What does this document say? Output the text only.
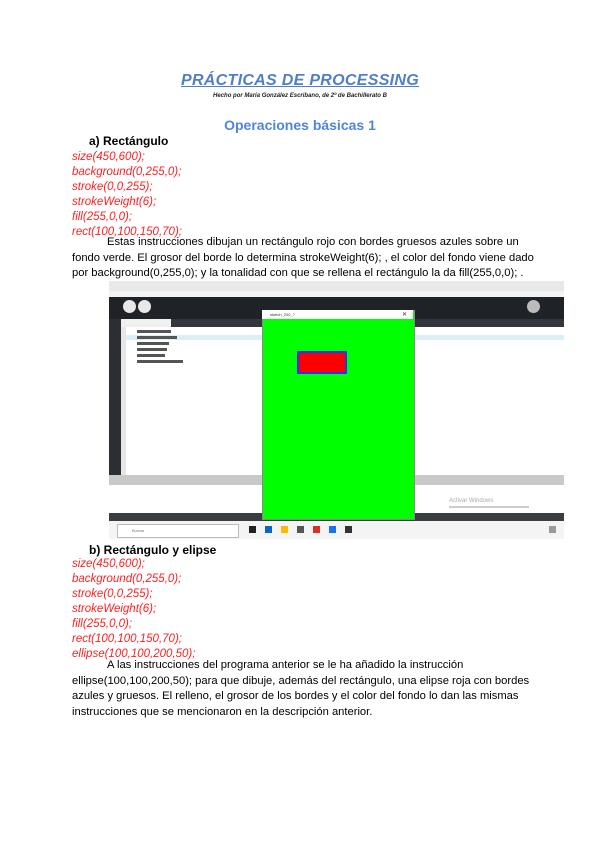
PRÁCTICAS DE PROCESSING
Hecho por María González Escribano, de 2º de Bachillerato B
Operaciones básicas 1
a) Rectángulo
size(450,600);
background(0,255,0);
stroke(0,0,255);
strokeWeight(6);
fill(255,0,0);
rect(100,100,150,70);
Estas instrucciones dibujan un rectángulo rojo con bordes gruesos azules sobre un
fondo verde. El grosor del borde lo determina strokeWeight(6); , el color del fondo viene dado
por background(0,255,0); y la tonalidad con que se rellena el rectángulo la da fill(255,0,0); .
Activar Windows
Buscar
sketch_200_?	✕
b) Rectángulo y elipse
size(450,600);
background(0,255,0);
stroke(0,0,255);
strokeWeight(6);
fill(255,0,0);
rect(100,100,150,70);
ellipse(100,100,200,50);
A las instrucciones del programa anterior se le ha añadido la instrucción
ellipse(100,100,200,50); para que dibuje, además del rectángulo, una elipse roja con bordes
azules y gruesos. El relleno, el grosor de los bordes y el color del fondo lo dan las mismas
instrucciones que se mencionaron en la descripción anterior.
